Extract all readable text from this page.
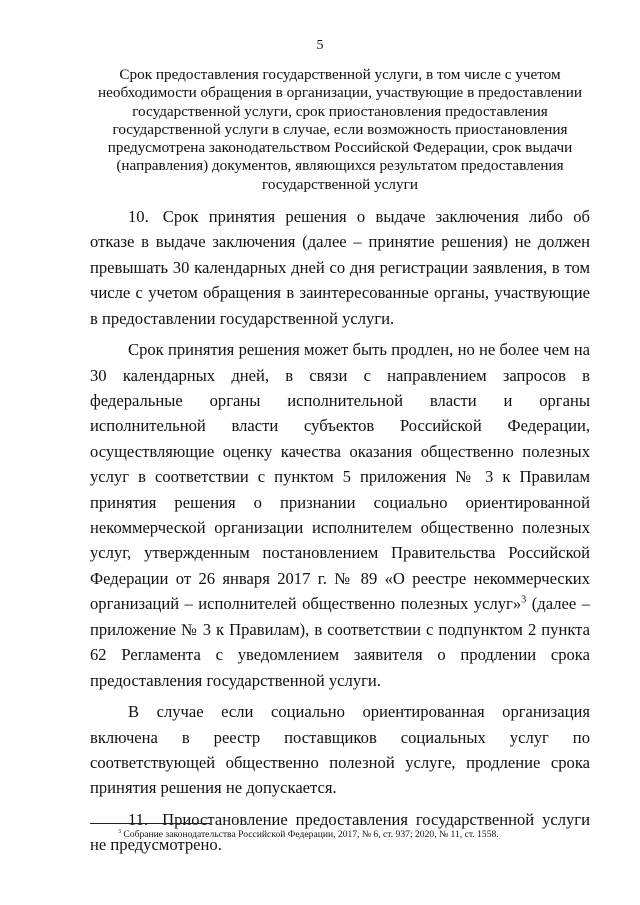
5
Срок предоставления государственной услуги, в том числе с учетом необходимости обращения в организации, участвующие в предоставлении государственной услуги, срок приостановления предоставления государственной услуги в случае, если возможность приостановления предусмотрена законодательством Российской Федерации, срок выдачи (направления) документов, являющихся результатом предоставления государственной услуги

10. Срок принятия решения о выдаче заключения либо об отказе в выдаче заключения (далее – принятие решения) не должен превышать 30 календарных дней со дня регистрации заявления, в том числе с учетом обращения в заинтересованные органы, участвующие в предоставлении государственной услуги.

Срок принятия решения может быть продлен, но не более чем на 30 календарных дней, в связи с направлением запросов в федеральные органы исполнительной власти и органы исполнительной власти субъектов Российской Федерации, осуществляющие оценку качества оказания общественно полезных услуг в соответствии с пунктом 5 приложения № 3 к Правилам принятия решения о признании социально ориентированной некоммерческой организации исполнителем общественно полезных услуг, утвержденным постановлением Правительства Российской Федерации от 26 января 2017 г. № 89 «О реестре некоммерческих организаций – исполнителей общественно полезных услуг»$^3$ (далее – приложение № 3 к Правилам), в соответствии с подпунктом 2 пункта 62 Регламента с уведомлением заявителя о продлении срока предоставления государственной услуги.

В случае если социально ориентированная организация включена в реестр поставщиков социальных услуг по соответствующей общественно полезной услуге, продление срока принятия решения не допускается.

11. Приостановление предоставления государственной услуги не предусмотрено.

$^3$ Собрание законодательства Российской Федерации, 2017, № 6, ст. 937; 2020, № 11, ст. 1558.
